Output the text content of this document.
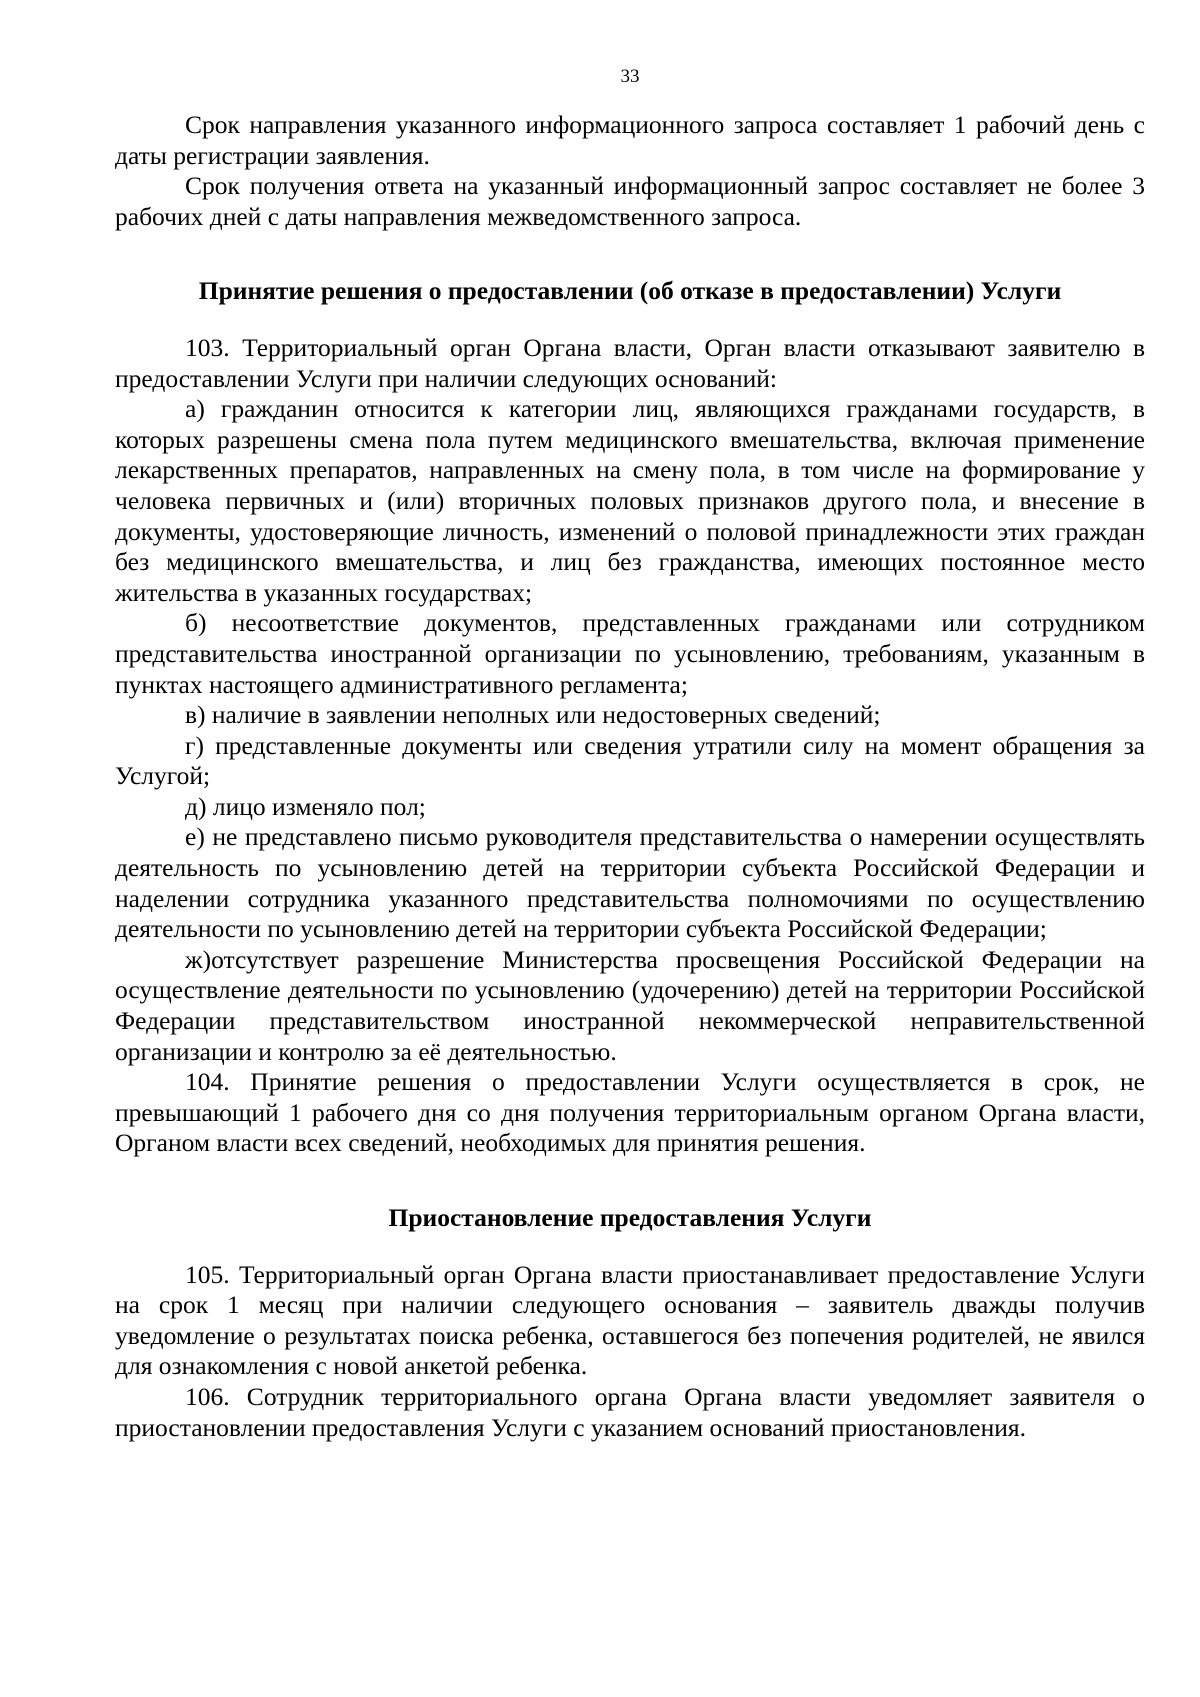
33

Срок направления указанного информационного запроса составляет 1 рабочий день с даты регистрации заявления.

Срок получения ответа на указанный информационный запрос составляет не более 3 рабочих дней с даты направления межведомственного запроса.

Принятие решения о предоставлении (об отказе в предоставлении) Услуги

103. Территориальный орган Органа власти, Орган власти отказывают заявителю в предоставлении Услуги при наличии следующих оснований:

а) гражданин относится к категории лиц, являющихся гражданами государств, в которых разрешены смена пола путем медицинского вмешательства, включая применение лекарственных препаратов, направленных на смену пола, в том числе на формирование у человека первичных и (или) вторичных половых признаков другого пола, и внесение в документы, удостоверяющие личность, изменений о половой принадлежности этих граждан без медицинского вмешательства, и лиц без гражданства, имеющих постоянное место жительства в указанных государствах;

б) несоответствие документов, представленных гражданами или сотрудником представительства иностранной организации по усыновлению, требованиям, указанным в пунктах настоящего административного регламента;

в) наличие в заявлении неполных или недостоверных сведений;

г) представленные документы или сведения утратили силу на момент обращения за Услугой;

д) лицо изменяло пол;

е) не представлено письмо руководителя представительства о намерении осуществлять деятельность по усыновлению детей на территории субъекта Российской Федерации и наделении сотрудника указанного представительства полномочиями по осуществлению деятельности по усыновлению детей на территории субъекта Российской Федерации;

ж)отсутствует разрешение Министерства просвещения Российской Федерации на осуществление деятельности по усыновлению (удочерению) детей на территории Российской Федерации представительством иностранной некоммерческой неправительственной организации и контролю за её деятельностью.

104. Принятие решения о предоставлении Услуги осуществляется в срок, не превышающий 1 рабочего дня со дня получения территориальным органом Органа власти, Органом власти всех сведений, необходимых для принятия решения.

Приостановление предоставления Услуги

105. Территориальный орган Органа власти приостанавливает предоставление Услуги на срок 1 месяц при наличии следующего основания – заявитель дважды получив уведомление о результатах поиска ребенка, оставшегося без попечения родителей, не явился для ознакомления с новой анкетой ребенка.

106. Сотрудник территориального органа Органа власти уведомляет заявителя о приостановлении предоставления Услуги с указанием оснований приостановления.
